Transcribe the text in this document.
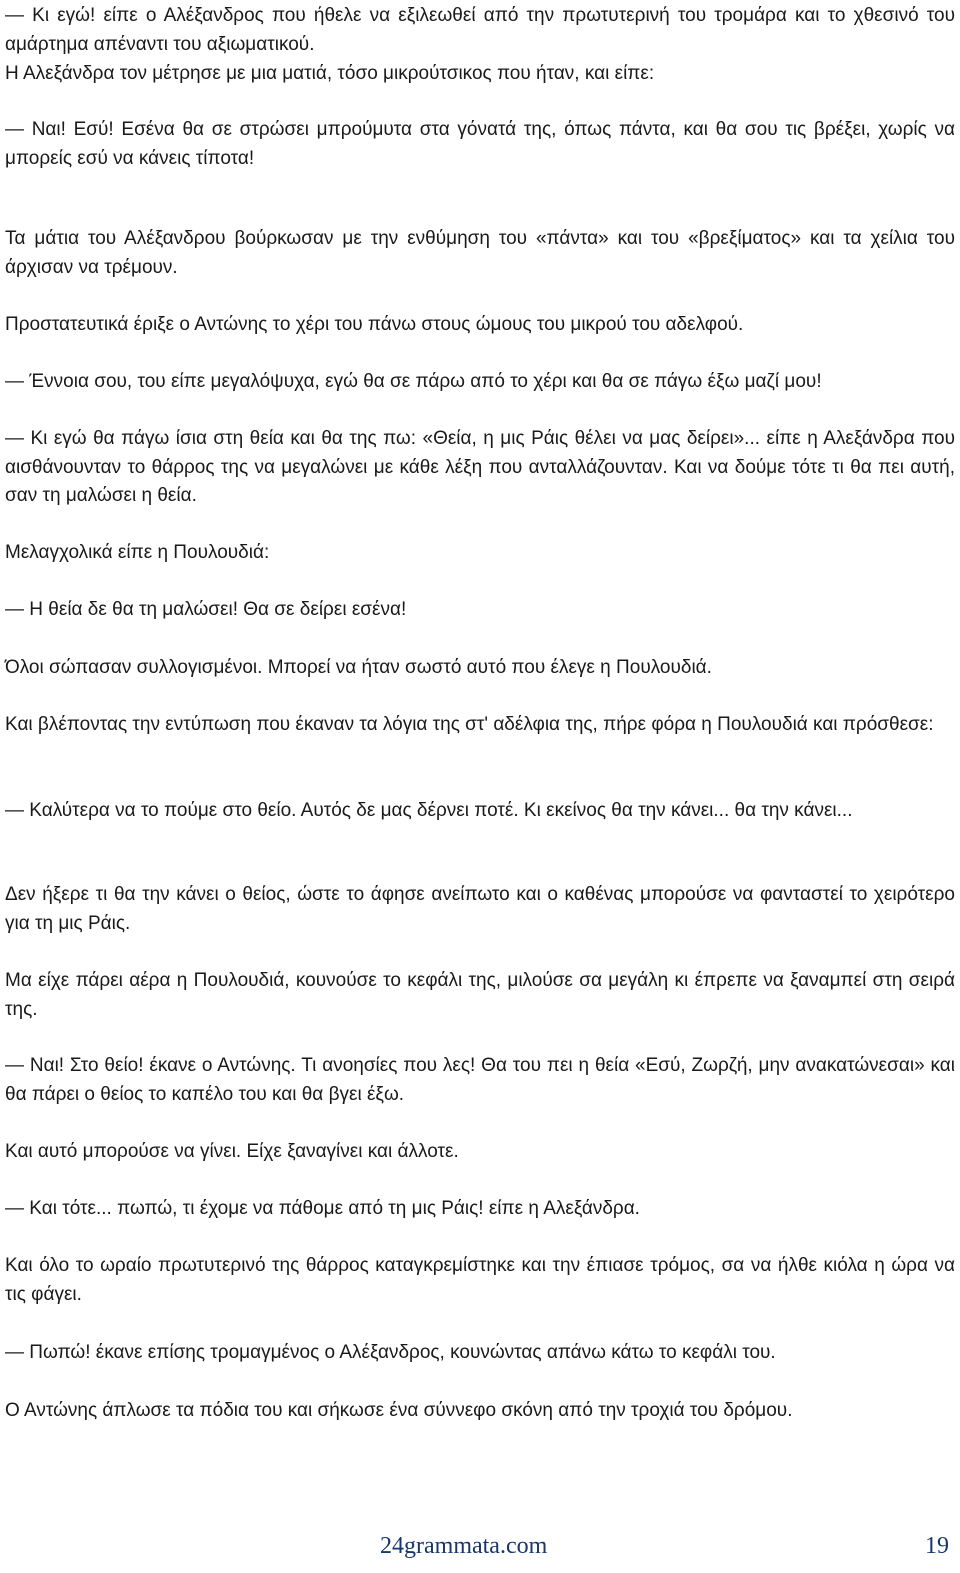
— Κι εγώ! είπε ο Αλέξανδρος που ήθελε να εξιλεωθεί από την πρωτυτερινή του τρομάρα και το χθεσινό του αμάρτημα απέναντι του αξιωματικού.

Η Αλεξάνδρα τον μέτρησε με μια ματιά, τόσο μικρούτσικος που ήταν, και είπε:

— Ναι! Εσύ! Εσένα θα σε στρώσει μπρούμυτα στα γόνατά της, όπως πάντα, και θα σου τις βρέξει, χωρίς να μπορείς εσύ να κάνεις τίποτα!

Τα μάτια του Αλέξανδρου βούρκωσαν με την ενθύμηση του «πάντα» και του «βρεξίματος» και τα χείλια του άρχισαν να τρέμουν.

Προστατευτικά έριξε ο Αντώνης το χέρι του πάνω στους ώμους του μικρού του αδελφού.

— Έννοια σου, του είπε μεγαλόψυχα, εγώ θα σε πάρω από το χέρι και θα σε πάγω έξω μαζί μου!

— Κι εγώ θα πάγω ίσια στη θεία και θα της πω: «Θεία, η μις Ράις θέλει να μας δείρει»... είπε η Αλεξάνδρα που αισθάνουνταν το θάρρος της να μεγαλώνει με κάθε λέξη που ανταλλάζουνταν. Και να δούμε τότε τι θα πει αυτή, σαν τη μαλώσει η θεία.

Μελαγχολικά είπε η Πουλουδιά:

— Η θεία δε θα τη μαλώσει! Θα σε δείρει εσένα!

Όλοι σώπασαν συλλογισμένοι. Μπορεί να ήταν σωστό αυτό που έλεγε η Πουλουδιά.

Και βλέποντας την εντύπωση που έκαναν τα λόγια της στ' αδέλφια της, πήρε φόρα η Πουλουδιά και πρόσθεσε:

— Καλύτερα να το πούμε στο θείο. Αυτός δε μας δέρνει ποτέ. Κι εκείνος θα την κάνει... θα την κάνει...

Δεν ήξερε τι θα την κάνει ο θείος, ώστε το άφησε ανείπωτο και ο καθένας μπορούσε να φανταστεί το χειρότερο για τη μις Ράις.

Μα είχε πάρει αέρα η Πουλουδιά, κουνούσε το κεφάλι της, μιλούσε σα μεγάλη κι έπρεπε να ξαναμπεί στη σειρά της.

— Ναι! Στο θείο! έκανε ο Αντώνης. Τι ανοησίες που λες! Θα του πει η θεία «Εσύ, Ζωρζή, μην ανακατώνεσαι» και θα πάρει ο θείος το καπέλο του και θα βγει έξω.

Και αυτό μπορούσε να γίνει. Είχε ξαναγίνει και άλλοτε.

— Και τότε... πωπώ, τι έχομε να πάθομε από τη μις Ράις! είπε η Αλεξάνδρα.

Και όλο το ωραίο πρωτυτερινό της θάρρος καταγκρεμίστηκε και την έπιασε τρόμος, σα να ήλθε κιόλα η ώρα να τις φάγει.

— Πωπώ! έκανε επίσης τρομαγμένος ο Αλέξανδρος, κουνώντας απάνω κάτω το κεφάλι του.

Ο Αντώνης άπλωσε τα πόδια του και σήκωσε ένα σύννεφο σκόνη από την τροχιά του δρόμου.

24grammata.com	19
